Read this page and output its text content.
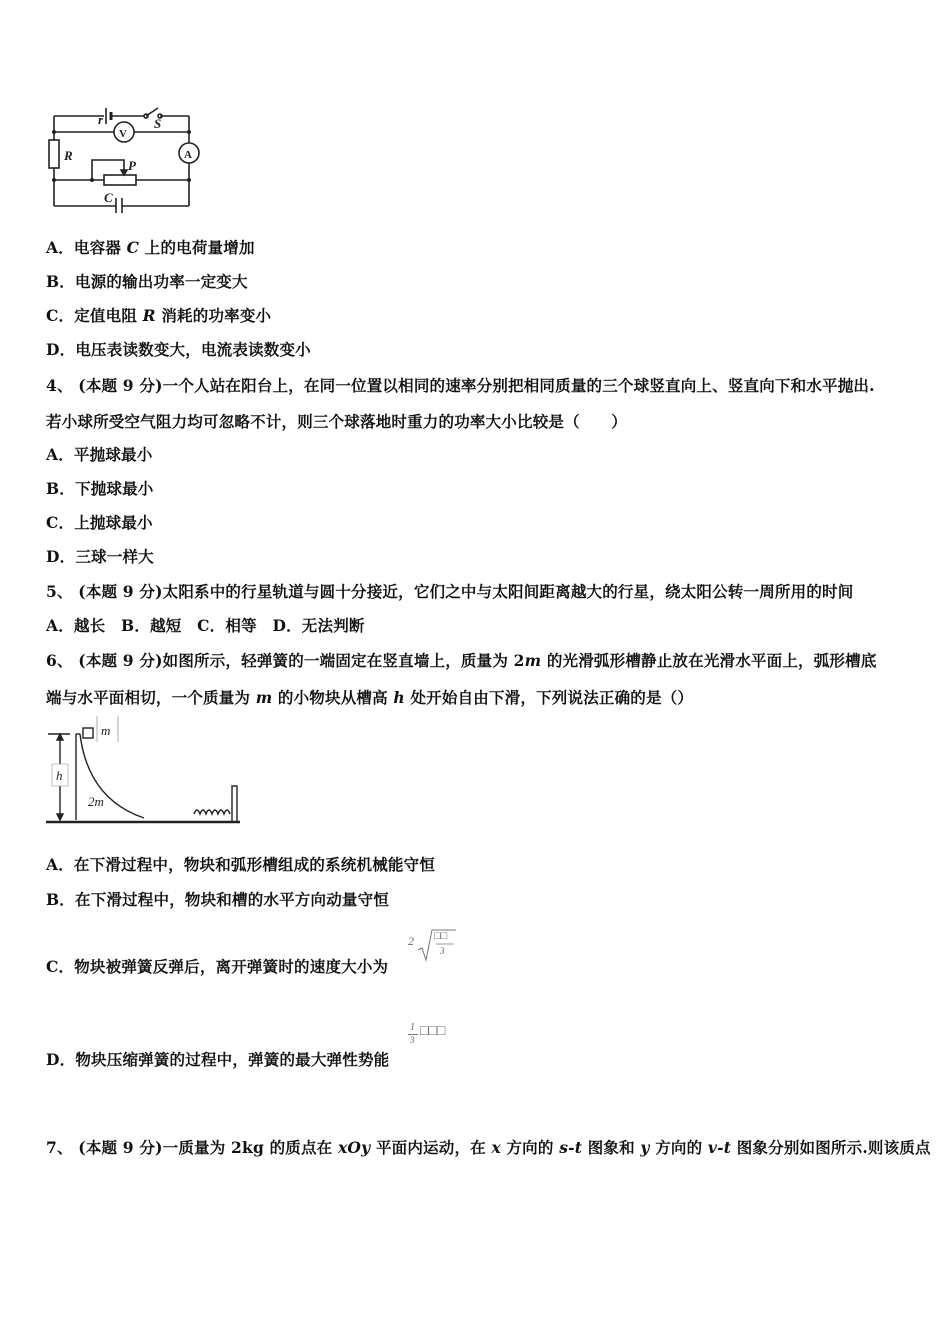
r	S
V
A
R
P
C
A．电容器 C 上的电荷量增加
B．电源的输出功率一定变大
C．定值电阻 R 消耗的功率变小
D．电压表读数变大，电流表读数变小
4、 (本题 9 分)一个人站在阳台上，在同一位置以相同的速率分别把相同质量的三个球竖直向上、竖直向下和水平抛出.
若小球所受空气阻力均可忽略不计，则三个球落地时重力的功率大小比较是（　　）
A．平抛球最小
B．下抛球最小
C．上抛球最小
D．三球一样大
5、 (本题 9 分)太阳系中的行星轨道与圆十分接近，它们之中与太阳间距离越大的行星，绕太阳公转一周所用的时间
A．越长　B．越短　C．相等　D．无法判断
6、 (本题 9 分)如图所示，轻弹簧的一端固定在竖直墙上，质量为 2m 的光滑弧形槽静止放在光滑水平面上，弧形槽底
端与水平面相切，一个质量为 m 的小物块从槽高 h 处开始自由下滑，下列说法正确的是（）
m
h
2m
A．在下滑过程中，物块和弧形槽组成的系统机械能守恒
B．在下滑过程中，物块和槽的水平方向动量守恒
C．物块被弹簧反弹后，离开弹簧时的速度大小为
2 □□
3
D．物块压缩弹簧的过程中，弹簧的最大弹性势能
1
3
□□□
7、 (本题 9 分)一质量为 2kg 的质点在 xOy 平面内运动，在 x 方向的 s-t 图象和 y 方向的 v-t 图象分别如图所示.则该质点
